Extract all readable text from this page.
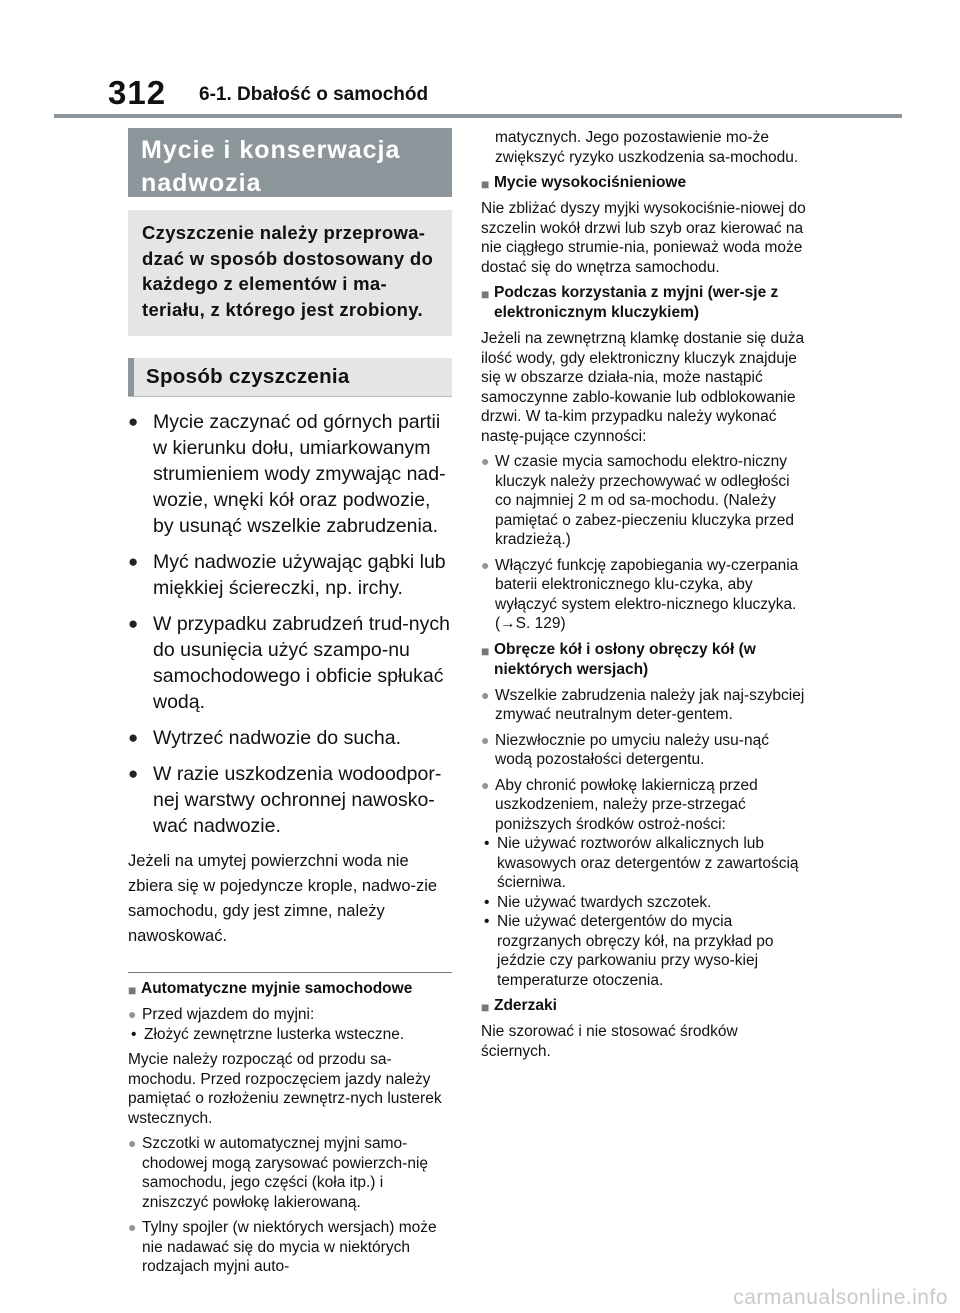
312 6-1. Dbałość o samochód
Mycie i konserwacja nadwozia
Czyszczenie należy przeprowa-dzać w sposób dostosowany do każdego z elementów i ma-teriału, z którego jest zrobiony.
Sposób czyszczenia
● Mycie zaczynać od górnych partii w kierunku dołu, umiarkowanym strumieniem wody zmywając nad-wozie, wnęki kół oraz podwozie, by usunąć wszelkie zabrudzenia.
● Myć nadwozie używając gąbki lub miękkiej ściereczki, np. irchy.
● W przypadku zabrudzeń trud-nych do usunięcia użyć szampo-nu samochodowego i obficie spłukać wodą.
● Wytrzeć nadwozie do sucha.
● W razie uszkodzenia wodoodpor-nej warstwy ochronnej nawosko-wać nadwozie.
Jeżeli na umytej powierzchni woda nie zbiera się w pojedyncze krople, nadwo-zie samochodu, gdy jest zimne, należy nawoskować.
■ Automatyczne myjnie samochodowe
● Przed wjazdem do myjni:
• Złożyć zewnętrzne lusterka wsteczne.
Mycie należy rozpocząć od przodu sa-mochodu. Przed rozpoczęciem jazdy należy pamiętać o rozłożeniu zewnętrz-nych lusterek wstecznych.
● Szczotki w automatycznej myjni samo-chodowej mogą zarysować powierzch-nię samochodu, jego części (koła itp.) i zniszczyć powłokę lakierowaną.
● Tylny spojler (w niektórych wersjach) może nie nadawać się do mycia w niektórych rodzajach myjni auto-
matycznych. Jego pozostawienie mo-że zwiększyć ryzyko uszkodzenia sa-mochodu.
■ Mycie wysokociśnieniowe
Nie zbliżać dyszy myjki wysokociśnie-niowej do szczelin wokół drzwi lub szyb oraz kierować na nie ciągłego strumie-nia, ponieważ woda może dostać się do wnętrza samochodu.
■ Podczas korzystania z myjni (wer-sje z elektronicznym kluczykiem)
Jeżeli na zewnętrzną klamkę dostanie się duża ilość wody, gdy elektroniczny kluczyk znajduje się w obszarze działa-nia, może nastąpić samoczynne zablo-kowanie lub odblokowanie drzwi. W ta-kim przypadku należy wykonać nastę-pujące czynności:
● W czasie mycia samochodu elektro-niczny kluczyk należy przechowywać w odległości co najmniej 2 m od sa-mochodu. (Należy pamiętać o zabez-pieczeniu kluczyka przed kradzieżą.)
● Włączyć funkcję zapobiegania wy-czerpania baterii elektronicznego klu-czyka, aby wyłączyć system elektro-nicznego kluczyka. (→S. 129)
■ Obręcze kół i osłony obręczy kół (w niektórych wersjach)
● Wszelkie zabrudzenia należy jak naj-szybciej zmywać neutralnym deter-gentem.
● Niezwłocznie po umyciu należy usu-nąć wodą pozostałości detergentu.
● Aby chronić powłokę lakierniczą przed uszkodzeniem, należy prze-strzegać poniższych środków ostroż-ności:
• Nie używać roztworów alkalicznych lub kwasowych oraz detergentów z zawartością ścierniwa.
• Nie używać twardych szczotek.
• Nie używać detergentów do mycia rozgrzanych obręczy kół, na przykład po jeździe czy parkowaniu przy wyso-kiej temperaturze otoczenia.
■ Zderzaki
Nie szorować i nie stosować środków ściernych.
carmanualsonline.info
